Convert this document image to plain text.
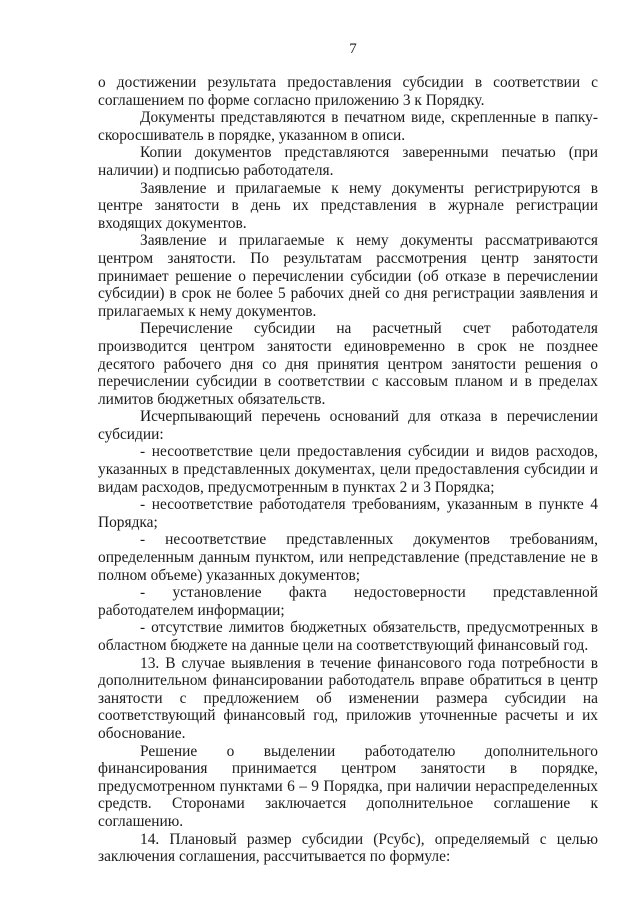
7

о достижении результата предоставления субсидии в соответствии с соглашением по форме согласно приложению 3 к Порядку.

Документы представляются в печатном виде, скрепленные в папку-скоросшиватель в порядке, указанном в описи.

Копии документов представляются заверенными печатью (при наличии) и подписью работодателя.

Заявление и прилагаемые к нему документы регистрируются в центре занятости в день их представления в журнале регистрации входящих документов.

Заявление и прилагаемые к нему документы рассматриваются центром занятости. По результатам рассмотрения центр занятости принимает решение о перечислении субсидии (об отказе в перечислении субсидии) в срок не более 5 рабочих дней со дня регистрации заявления и прилагаемых к нему документов.

Перечисление субсидии на расчетный счет работодателя производится центром занятости единовременно в срок не позднее десятого рабочего дня со дня принятия центром занятости решения о перечислении субсидии в соответствии с кассовым планом и в пределах лимитов бюджетных обязательств.

Исчерпывающий перечень оснований для отказа в перечислении субсидии:

- несоответствие цели предоставления субсидии и видов расходов, указанных в представленных документах, цели предоставления субсидии и видам расходов, предусмотренным в пунктах 2 и 3 Порядка;

- несоответствие работодателя требованиям, указанным в пункте 4 Порядка;

- несоответствие представленных документов требованиям, определенным данным пунктом, или непредставление (представление не в полном объеме) указанных документов;

- установление факта недостоверности представленной работодателем информации;

- отсутствие лимитов бюджетных обязательств, предусмотренных в областном бюджете на данные цели на соответствующий финансовый год.

13. В случае выявления в течение финансового года потребности в дополнительном финансировании работодатель вправе обратиться в центр занятости с предложением об изменении размера субсидии на соответствующий финансовый год, приложив уточненные расчеты и их обоснование.

Решение о выделении работодателю дополнительного финансирования принимается центром занятости в порядке, предусмотренном пунктами 6 – 9 Порядка, при наличии нераспределенных средств. Сторонами заключается дополнительное соглашение к соглашению.

14. Плановый размер субсидии (Рсубс), определяемый с целью заключения соглашения, рассчитывается по формуле:
